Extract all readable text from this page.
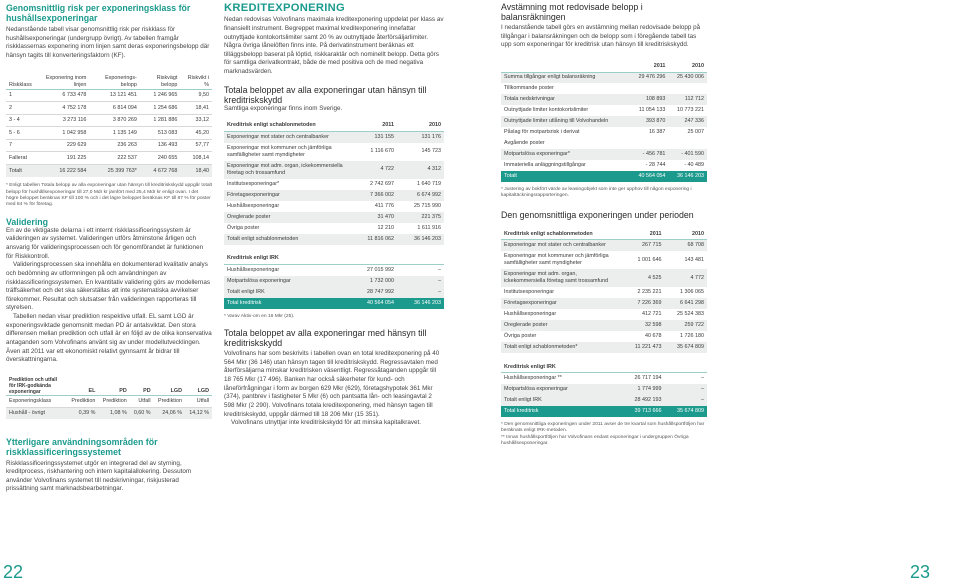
Genomsnittlig risk per exponeringsklass för hushållsexponeringar

Nedanstående tabell visar genomsnittlig risk per riskklass för hushållsexponeringar (undergrupp övrigt). Av tabellen framgår riskklassernas exponering inom linjen samt deras exponeringsbelopp där hänsyn tagits till konverteringsfaktorn (KF).

Riskklass	Exponering inom linjen	Exponerings-belopp	Riskvägt belopp	Riskvikt i %
1	6 733 478	13 121 451	1 246 965	9,50
2	4 752 178	6 814 094	1 254 686	18,41
3 - 4	3 273 116	3 870 269	1 281 886	33,12
5 - 6	1 042 958	1 135 149	513 083	45,20
7	229 629	236 263	136 493	57,77
Fallerat	191 225	222 537	240 655	108,14
Totalt	16 222 584	25 399 763*	4 672 768	18,40

* Enligt tabellen Totala belopp av alla exponeringar utan hänsyn till kreditriskskydd uppgår totalt belopp för hushållsexponeringar till 27,0 Mdr kr jämfört med 25,4 Mdr kr enligt ovan. I det högre beloppet beräknas KF till 100 % och i det lägre beloppet beräknas KF till 87 % för poster med 84 % för företag.

Validering

En av de viktigaste delarna i ett internt riskklassificeringssystem är valideringen av systemet. Valideringen utförs åtminstone årligen och ansvarig för valideringsprocessen och för genomförandet är funktionen för Riskkontroll.

Valideringsprocessen ska innehålla en dokumenterad kvalitativ analys och bedömning av utformningen på och användningen av riskklassificeringssystemen. En kvantitativ validering görs av modellernas träffsäkerhet och det ska säkerställas att inte systematiska avvikelser förekommer. Resultat och slutsatser från valideringen rapporteras till styrelsen.

Tabellen nedan visar prediktion respektive utfall. EL samt LGD är exponeringsviktade genomsnitt medan PD är antalsviktat. Den stora differensen mellan prediktion och utfall är en följd av de olika konservativa antaganden som Volvofinans använt sig av under modellutvecklingen. Även att 2011 var ett ekonomiskt relativt gynnsamt år bidrar till överskattningarna.

Prediktion och utfall för IRK-godkända exponeringar	EL	PD	PD	LGD	LGD
Exponeringsklass	Prediktion	Prediktion	Utfall	Prediktion	Utfall
Hushåll - övrigt	0,39 %	1,08 %	0,60 %	24,06 %	14,12 %
Ytterligare användningsområden för riskklassificeringssystemet

Riskklassificeringssystemet utgör en integrerad del av styrning, kreditprocess, riskhantering och intern kapitalallokering. Dessutom använder Volvofinans systemet till nedskrivningar, riskjusterad prissättning samt marknadsbearbetningar.

22
KREDITEXPONERING

Nedan redovisas Volvofinans maximala kreditexponering uppdelat per klass av finansiellt instrument. Begreppet maximal kreditexponering innefattar outnyttjade kontokortslimiter samt 20 % av outnyttjade återförsäljarlimiter. Några övriga lånelöften finns inte. På derivatinstrument beräknas ett tilläggsbelopp baserat på löptid, riskkaraktär och nominellt belopp. Detta görs för samtliga derivatkontrakt, både de med positiva och de med negativa marknadsvärden.

Totala beloppet av alla exponeringar utan hänsyn till kreditriskskydd

Samtliga exponeringar finns inom Sverige.

Kreditrisk enligt schablonmetoden	2011	2010
Exponeringar mot stater och centralbanker	131 155	131 176
Exponeringar mot kommuner och jämförliga samfälligheter samt myndigheter	1 116 670	145 723
Exponeringar mot adm. organ, ickekommersiella företag och trossamfund	4 722	4 312
Institutsexponeringar*	2 742 697	1 640 719
Företagsexponeringar	7 366 002	6 674 992
Hushållsexponeringar	411 776	25 715 990
Oreglerade poster	31 470	221 375
Övriga poster	12 210	1 611 916
Totalt enligt schablonmetoden	11 816 062	36 146 203

Kreditrisk enligt IRK		
Hushållsexponeringar	27 015 992	–
Motpartslösa exponeringar	1 732 000	–
Totalt enligt IRK	28 747 992	–
Total kreditrisk	40 564 054	36 146 203

* Varav Aktiv-om en 16 Mkr (25).

Totala beloppet av alla exponeringar med hänsyn till kreditriskskydd

Volvofinans har som beskrivits i tabellen ovan en total kreditexponering på 40 564 Mkr (36 146) utan hänsyn tagen till kreditriskskydd. Regressavtalen med återförsäljarna minskar kreditrisken väsentligt. Regressåtaganden uppgår till 18 765 Mkr (17 496). Banken har också säkerheter för kund- och låneförfrågningar i form av borgen 629 Mkr (629), företagshypotek 361 Mkr (374), pantbrev i fastigheter 5 Mkr (6) och pantsatta lån- och leasingavtal 2 598 Mkr (2 290). Volvofinans totala kreditexponering, med hänsyn tagen till kreditriskskydd, uppgår därmed till 18 206 Mkr (15 351).

Volvofinans utnyttjar inte kreditriskskydd för att minska kapitalkravet.

Avstämning mot redovisade belopp i balansräkningen

I nedanstående tabell görs en avstämning mellan redovisade belopp på tillgångar i balansräkningen och de belopp som i föregående tabell tas upp som exponeringar för kreditrisk utan hänsyn till kreditriskskydd.

	2011	2010
Summa tillgångar enligt balansräkning	29 476 296	25 430 006
Tillkommande poster		
Totala nedskrivningar	108 893	112 712
Outnyttjade limiter kontokortslimiter	11 054 133	10 773 221
Outnyttjade limiter utlåning till Volvohandeln	393 870	247 336
Påslag för motpartsrisk i derivat	16 387	25 007
Avgående poster		
Motpartslösa exponeringar*	- 456 781	- 401 590
Immateriella anläggningstillgångar	- 28 744	- 40 489
Totalt	40 564 054	36 146 203

* Justering av bokfört värde av leasingobjekt som inte ger upphov till någon exponering i kapitaltäckningsrapporteringen.

Den genomsnittliga exponeringen under perioden
Kreditrisk enligt schablonmetoden	2011	2010
Exponeringar mot stater och centralbanker	267 715	68 708
Exponeringar mot kommuner och jämförliga samfälligheter samt myndigheter	1 001 646	143 481
Exponeringar mot adm. organ, ickekommersiella företag samt trossamfund	4 525	4 772
Institutsexponeringar	2 235 221	1 306 065
Företagsexponeringar	7 226 369	6 641 298
Hushållsexponeringar	412 721	25 524 383
Oreglerade poster	32 598	259 722
Övriga poster	40 678	1 726 180
Totalt enligt schablonmetoden*	11 221 473	35 674 809

Kreditrisk enligt IRK		
Hushållsexponeringar **	26 717 194	–
Motpartslösa exponeringar	1 774 999	–
Totalt enligt IRK	28 492 193	–
Total kreditrisk	39 713 666	35 674 809

* Den genomsnittliga exponeringen under 2011 avser de tre kvartal som hushållsportföljen har beräknats enligt IRK-metoden.

** Innan hushållsportföljen har Volvofinans endast exponeringar i undergruppen Övriga hushållsexponeringar.

23
